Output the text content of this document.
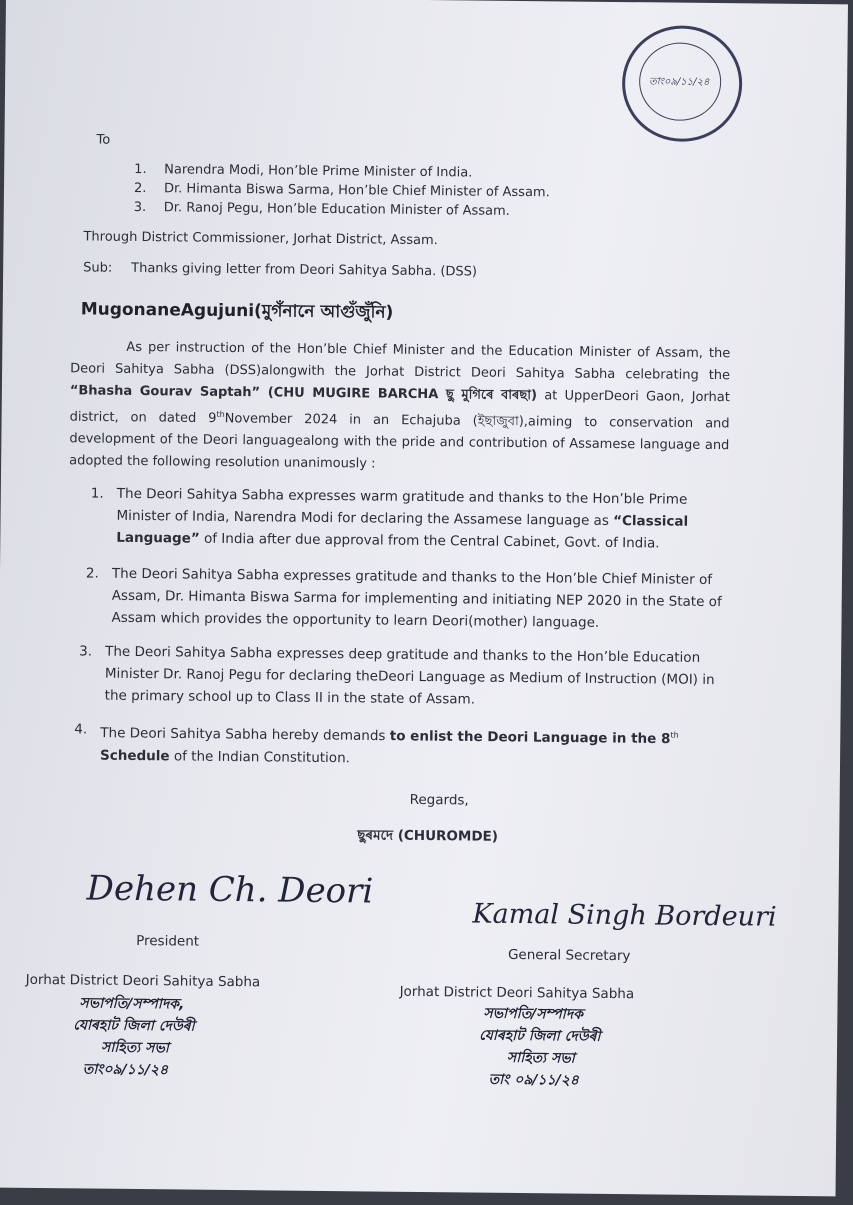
তাং০৯/১১/২৪
To
1. Narendra Modi, Hon’ble Prime Minister of India.
2. Dr. Himanta Biswa Sarma, Hon’ble Chief Minister of Assam.
3. Dr. Ranoj Pegu, Hon’ble Education Minister of Assam.
Through District Commissioner, Jorhat District, Assam.
Sub: Thanks giving letter from Deori Sahitya Sabha. (DSS)
MugonaneAgujuni(মুগঁনানে আগুঁজুঁনি)
As per instruction of the Hon’ble Chief Minister and the Education Minister of Assam, the Deori Sahitya Sabha (DSS)alongwith the Jorhat District Deori Sahitya Sabha celebrating the “Bhasha Gourav Saptah” (CHU MUGIRE BARCHA ছু মুগিৰে বাৰছা) at UpperDeori Gaon, Jorhat district, on dated 9thNovember 2024 in an Echajuba (ইছাজুবা),aiming to conservation and development of the Deori languagealong with the pride and contribution of Assamese language and adopted the following resolution unanimously :
1. The Deori Sahitya Sabha expresses warm gratitude and thanks to the Hon’ble Prime Minister of India, Narendra Modi for declaring the Assamese language as “Classical Language” of India after due approval from the Central Cabinet, Govt. of India.
2. The Deori Sahitya Sabha expresses gratitude and thanks to the Hon’ble Chief Minister of Assam, Dr. Himanta Biswa Sarma for implementing and initiating NEP 2020 in the State of Assam which provides the opportunity to learn Deori(mother) language.
3. The Deori Sahitya Sabha expresses deep gratitude and thanks to the Hon’ble Education Minister Dr. Ranoj Pegu for declaring theDeori Language as Medium of Instruction (MOI) in the primary school up to Class II in the state of Assam.
4. The Deori Sahitya Sabha hereby demands to enlist the Deori Language in the 8th Schedule of the Indian Constitution.
Regards,
ছুৰমদে (CHUROMDE)
Dehen Ch. Deori
President
Jorhat District Deori Sahitya Sabha
সভাপতি/সম্পাদক,
যোৰহাট জিলা দেউৰী
সাহিত্য সভা
তাং০৯/১১/২৪
Kamal Singh Bordeuri
General Secretary
Jorhat District Deori Sahitya Sabha
সভাপতি/সম্পাদক
যোৰহাট জিলা দেউৰী
সাহিত্য সভা
তাং ০৯/১১/২৪
